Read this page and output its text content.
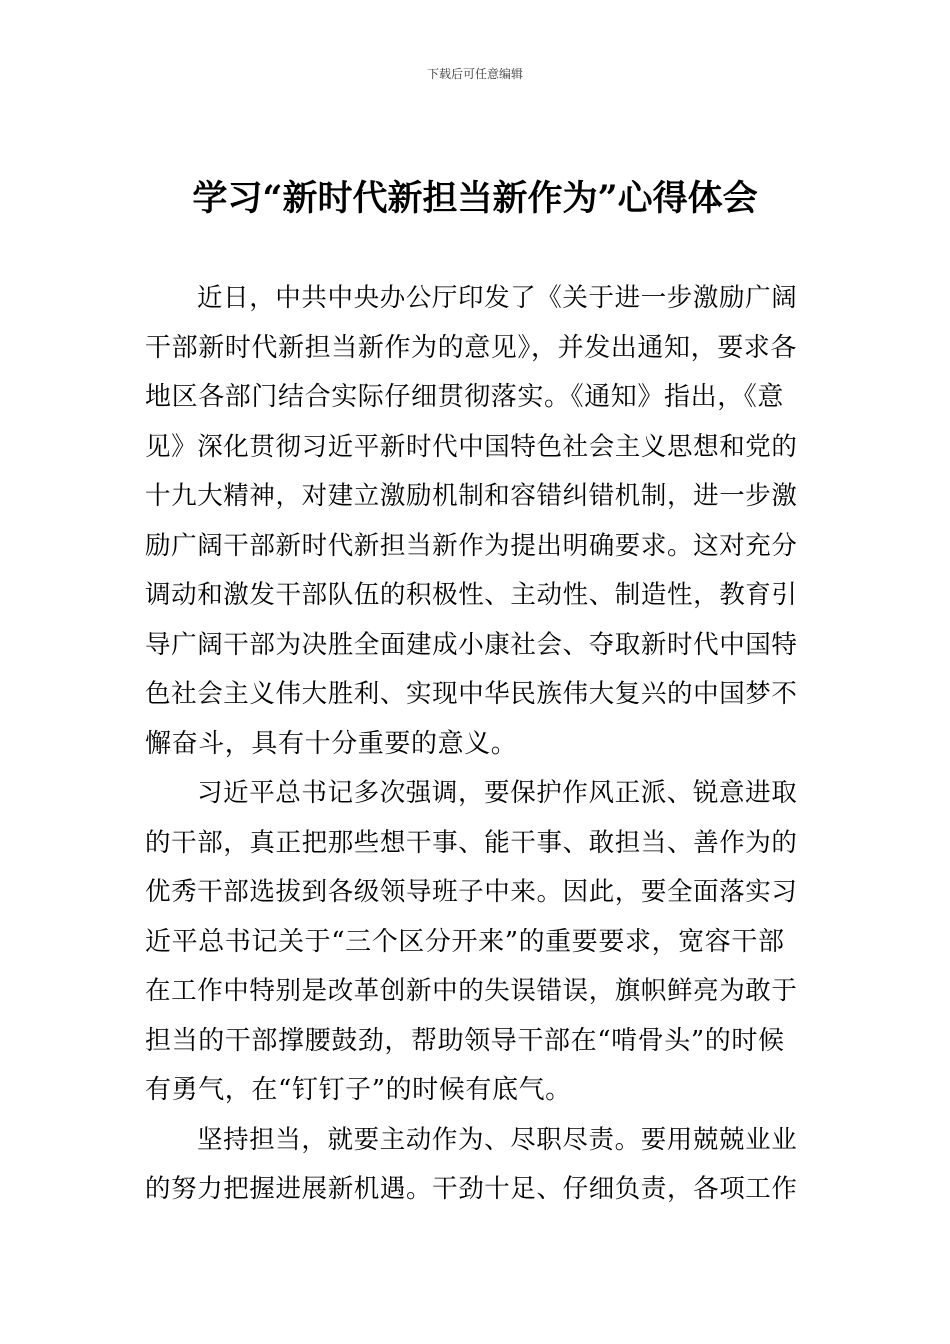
下载后可任意编辑
学习“新时代新担当新作为”心得体会
近日，中共中央办公厅印发了《关于进一步激励广阔
干部新时代新担当新作为的意见》，并发出通知，要求各
地区各部门结合实际仔细贯彻落实。《通知》指出，《意
见》深化贯彻习近平新时代中国特色社会主义思想和党的
十九大精神，对建立激励机制和容错纠错机制，进一步激
励广阔干部新时代新担当新作为提出明确要求。这对充分
调动和激发干部队伍的积极性、主动性、制造性，教育引
导广阔干部为决胜全面建成小康社会、夺取新时代中国特
色社会主义伟大胜利、实现中华民族伟大复兴的中国梦不
懈奋斗，具有十分重要的意义。
习近平总书记多次强调，要保护作风正派、锐意进取
的干部，真正把那些想干事、能干事、敢担当、善作为的
优秀干部选拔到各级领导班子中来。因此，要全面落实习
近平总书记关于“三个区分开来”的重要要求，宽容干部
在工作中特别是改革创新中的失误错误，旗帜鲜亮为敢于
担当的干部撑腰鼓劲，帮助领导干部在“啃骨头”的时候
有勇气，在“钉钉子”的时候有底气。
坚持担当，就要主动作为、尽职尽责。要用兢兢业业
的努力把握进展新机遇。干劲十足、仔细负责，各项工作
